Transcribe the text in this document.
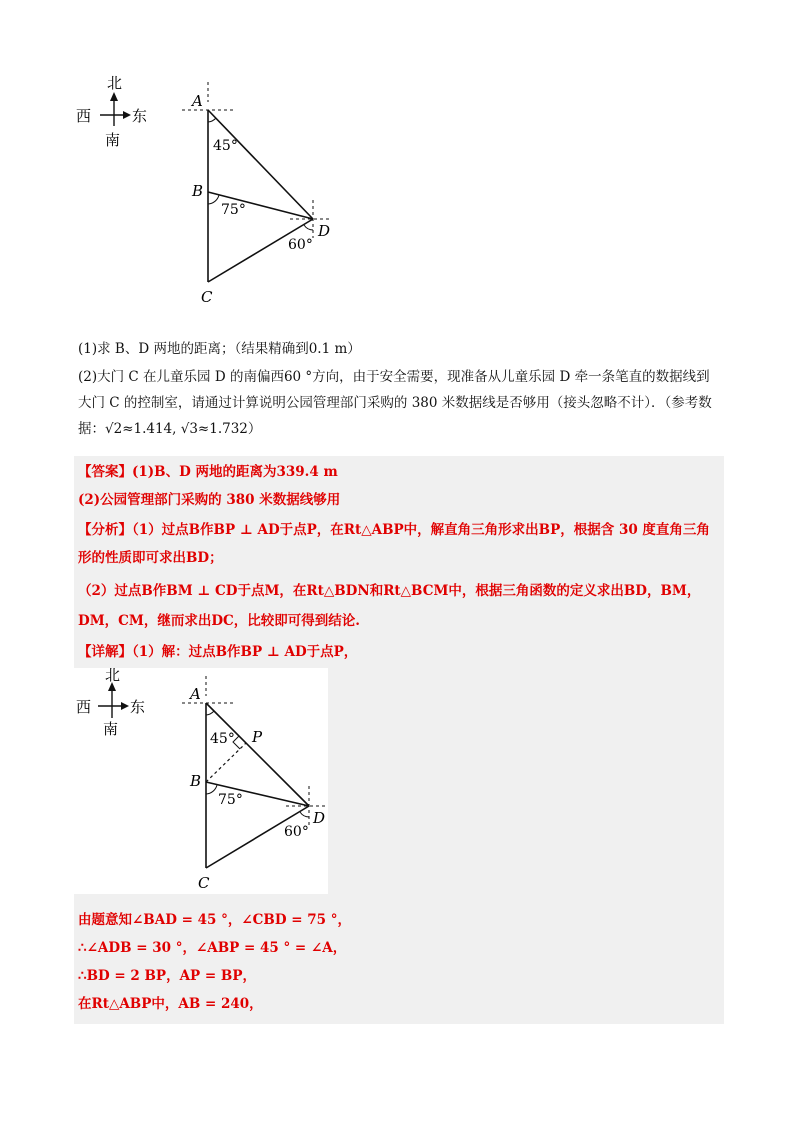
北
西	东
南
A
B
C
D
45°
75°
60°

(1)求 B、D 两地的距离；（结果精确到0.1 m）

(2)大门 C 在儿童乐园 D 的南偏西60 °方向，由于安全需要，现准备从儿童乐园 D 牵一条笔直的数据线到大门 C 的控制室，请通过计算说明公园管理部门采购的 380 米数据线是否够用（接头忽略不计）．（参考数据：√2≈1.414, √3≈1.732）

【答案】(1)B、D 两地的距离为339.4 m
(2)公园管理部门采购的 380 米数据线够用

【分析】（1）过点B作BP ⊥ AD于点P，在Rt△ABP中，解直角三角形求出BP，根据含 30 度直角三角形的性质即可求出BD；

（2）过点B作BM ⊥ CD于点M，在Rt△BDN和Rt△BCM中，根据三角函数的定义求出BD，BM，DM，CM，继而求出DC，比较即可得到结论.

【详解】（1）解：过点B作BP ⊥ AD于点P，
北
西	东
南
A
P
B
C
D
45°
75°
60°
由题意知∠BAD = 45 °，∠CBD = 75 °，
∴∠ADB = 30 °，∠ABP = 45 ° = ∠A，
∴BD = 2 BP，AP = BP，
在Rt△ABP中，AB = 240，
